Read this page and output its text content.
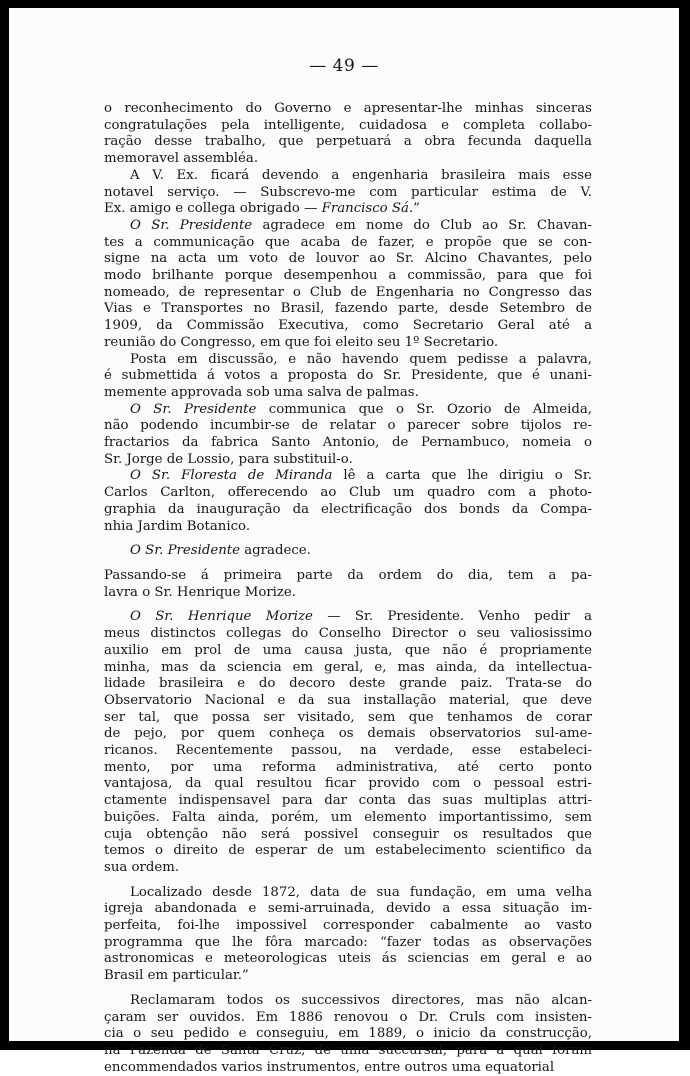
— 49 —
o reconhecimento do Governo e apresentar-lhe minhas sinceras
congratulações pela intelligente, cuidadosa e completa collabo-
ração desse trabalho, que perpetuará a obra fecunda daquella
memoravel assembléa.
A V. Ex. ficará devendo a engenharia brasileira mais esse
notavel serviço. — Subscrevo-me com particular estima de V.
Ex. amigo e collega obrigado — Francisco Sá.”
O Sr. Presidente agradece em nome do Club ao Sr. Chavan-
tes a communicação que acaba de fazer, e propõe que se con-
signe na acta um voto de louvor ao Sr. Alcino Chavantes, pelo
modo brilhante porque desempenhou a commissão, para que foi
nomeado, de representar o Club de Engenharia no Congresso das
Vias e Transportes no Brasil, fazendo parte, desde Setembro de
1909, da Commissão Executiva, como Secretario Geral até a
reunião do Congresso, em que foi eleito seu 1º Secretario.
Posta em discussão, e não havendo quem pedisse a palavra,
é submettida á votos a proposta do Sr. Presidente, que é unani-
memente approvada sob uma salva de palmas.
O Sr. Presidente communica que o Sr. Ozorio de Almeida,
não podendo incumbir-se de relatar o parecer sobre tijolos re-
fractarios da fabrica Santo Antonio, de Pernambuco, nomeia o
Sr. Jorge de Lossio, para substituil-o.
O Sr. Floresta de Miranda lê a carta que lhe dirigiu o Sr.
Carlos Carlton, offerecendo ao Club um quadro com a photo-
graphia da inauguração da electrificação dos bonds da Compa-
nhia Jardim Botanico.
O Sr. Presidente agradece.
Passando-se á primeira parte da ordem do dia, tem a pa-
lavra o Sr. Henrique Morize.
O Sr. Henrique Morize — Sr. Presidente. Venho pedir a
meus distinctos collegas do Conselho Director o seu valiosissimo
auxilio em prol de uma causa justa, que não é propriamente
minha, mas da sciencia em geral, e, mas ainda, da intellectua-
lidade brasileira e do decoro deste grande paiz. Trata-se do
Observatorio Nacional e da sua installação material, que deve
ser tal, que possa ser visitado, sem que tenhamos de corar
de pejo, por quem conheça os demais observatorios sul-ame-
ricanos. Recentemente passou, na verdade, esse estabeleci-
mento, por uma reforma administrativa, até certo ponto
vantajosa, da qual resultou ficar provido com o pessoal estri-
ctamente indispensavel para dar conta das suas multiplas attri-
buições. Falta ainda, porém, um elemento importantissimo, sem
cuja obtenção não será possivel conseguir os resultados que
temos o direito de esperar de um estabelecimento scientifico da
sua ordem.
Localizado desde 1872, data de sua fundação, em uma velha
igreja abandonada e semi-arruinada, devido a essa situação im-
perfeita, foi-lhe impossivel corresponder cabalmente ao vasto
programma que lhe fôra marcado: “fazer todas as observações
astronomicas e meteorologicas uteis ás sciencias em geral e ao
Brasil em particular.”
Reclamaram todos os successivos directores, mas não alcan-
çaram ser ouvidos. Em 1886 renovou o Dr. Cruls com insisten-
cia o seu pedido e conseguiu, em 1889, o inicio da construcção,
na Fazenda de Santa Cruz, de uma succursal, para a qual foram
encommendados varios instrumentos, entre outros uma equatorial
